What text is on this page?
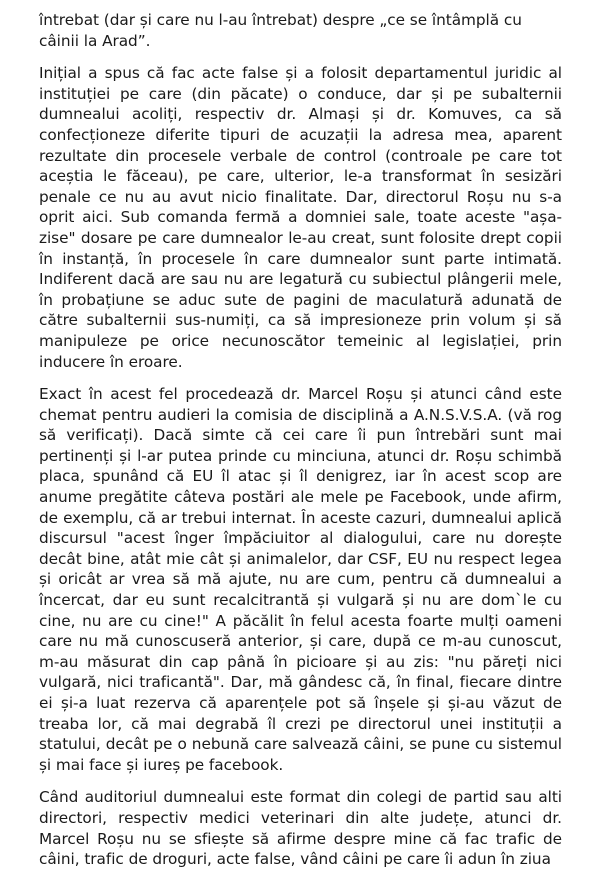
întrebat (dar și care nu l-au întrebat) despre „ce se întâmplă cu câinii la Arad”.

Inițial a spus că fac acte false și a folosit departamentul juridic al instituției pe care (din păcate) o conduce, dar și pe subalternii dumnealui acoliți, respectiv dr. Almași și dr. Komuves, ca să confecționeze diferite tipuri de acuzații la adresa mea, aparent rezultate din procesele verbale de control (controale pe care tot aceștia le făceau), pe care, ulterior, le-a transformat în sesizări penale ce nu au avut nicio finalitate. Dar, directorul Roșu nu s-a oprit aici. Sub comanda fermă a domniei sale, toate aceste "așa-zise" dosare pe care dumnealor le-au creat, sunt folosite drept copii în instanță, în procesele în care dumnealor sunt parte intimată. Indiferent dacă are sau nu are legatură cu subiectul plângerii mele, în probațiune se aduc sute de pagini de maculatură adunată de către subalternii sus-numiți, ca să impresioneze prin volum și să manipuleze pe orice necunoscător temeinic al legislației, prin inducere în eroare.

Exact în acest fel procedează dr. Marcel Roșu și atunci când este chemat pentru audieri la comisia de disciplină a A.N.S.V.S.A. (vă rog să verificați). Dacă simte că cei care îi pun întrebări sunt mai pertinenți și l-ar putea prinde cu minciuna, atunci dr. Roșu schimbă placa, spunând că EU îl atac și îl denigrez, iar în acest scop are anume pregătite câteva postări ale mele pe Facebook, unde afirm, de exemplu, că ar trebui internat. În aceste cazuri, dumnealui aplică discursul "acest înger împăciuitor al dialogului, care nu dorește decât bine, atât mie cât și animalelor, dar CSF, EU nu respect legea și oricât ar vrea să mă ajute, nu are cum, pentru că dumnealui a încercat, dar eu sunt recalcitrantă și vulgară și nu are dom`le cu cine, nu are cu cine!" A păcălit în felul acesta foarte mulți oameni care nu mă cunoscuseră anterior, și care, după ce m-au cunoscut, m-au măsurat din cap până în picioare și au zis: "nu păreți nici vulgară, nici traficantă". Dar, mă gândesc că, în final, fiecare dintre ei și-a luat rezerva că aparențele pot să înșele și și-au văzut de treaba lor, că mai degrabă îl crezi pe directorul unei instituții a statului, decât pe o nebună care salvează câini, se pune cu sistemul și mai face și iureș pe facebook.

Când auditoriul dumnealui este format din colegi de partid sau alti directori, respectiv medici veterinari din alte județe, atunci dr. Marcel Roșu nu se sfiește să afirme despre mine că fac trafic de câini, trafic de droguri, acte false, vând câini pe care îi adun în ziua
